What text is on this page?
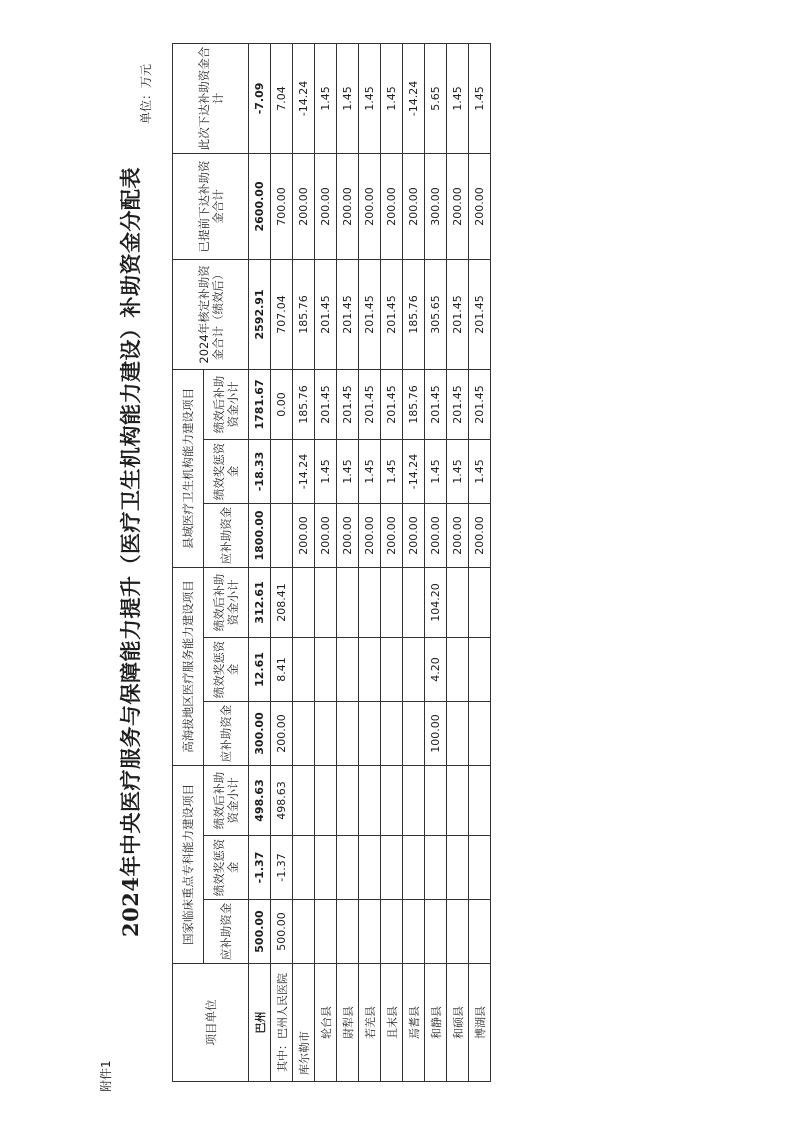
附件1
2024年中央医疗服务与保障能力提升（医疗卫生机构能力建设）补助资金分配表
单位：万元
项目单位	国家临床重点专科能力建设项目			高海拔地区医疗服务能力建设项目			县域医疗卫生机构能力建设项目			2024年核定补助资金合计（绩效后）	已提前下达补助资金合计	此次下达补助资金合计
	应补助资金	绩效奖惩资金	绩效后补助资金小计	应补助资金	绩效奖惩资金	绩效后补助资金小计	应补助资金	绩效奖惩资金	绩效后补助资金小计			
巴州	500.00	-1.37	498.63	300.00	12.61	312.61	1800.00	-18.33	1781.67	2592.91	2600.00	-7.09
其中：巴州人民医院	500.00	-1.37	498.63	200.00	8.41	208.41			0.00	707.04	700.00	7.04
库尔勒市							200.00	-14.24	185.76	185.76	200.00	-14.24
轮台县							200.00	1.45	201.45	201.45	200.00	1.45
尉犁县							200.00	1.45	201.45	201.45	200.00	1.45
若羌县							200.00	1.45	201.45	201.45	200.00	1.45
且末县							200.00	1.45	201.45	201.45	200.00	1.45
焉耆县							200.00	-14.24	185.76	185.76	200.00	-14.24
和静县				100.00	4.20	104.20	200.00	1.45	201.45	305.65	300.00	5.65
和硕县							200.00	1.45	201.45	201.45	200.00	1.45
博湖县							200.00	1.45	201.45	201.45	200.00	1.45
